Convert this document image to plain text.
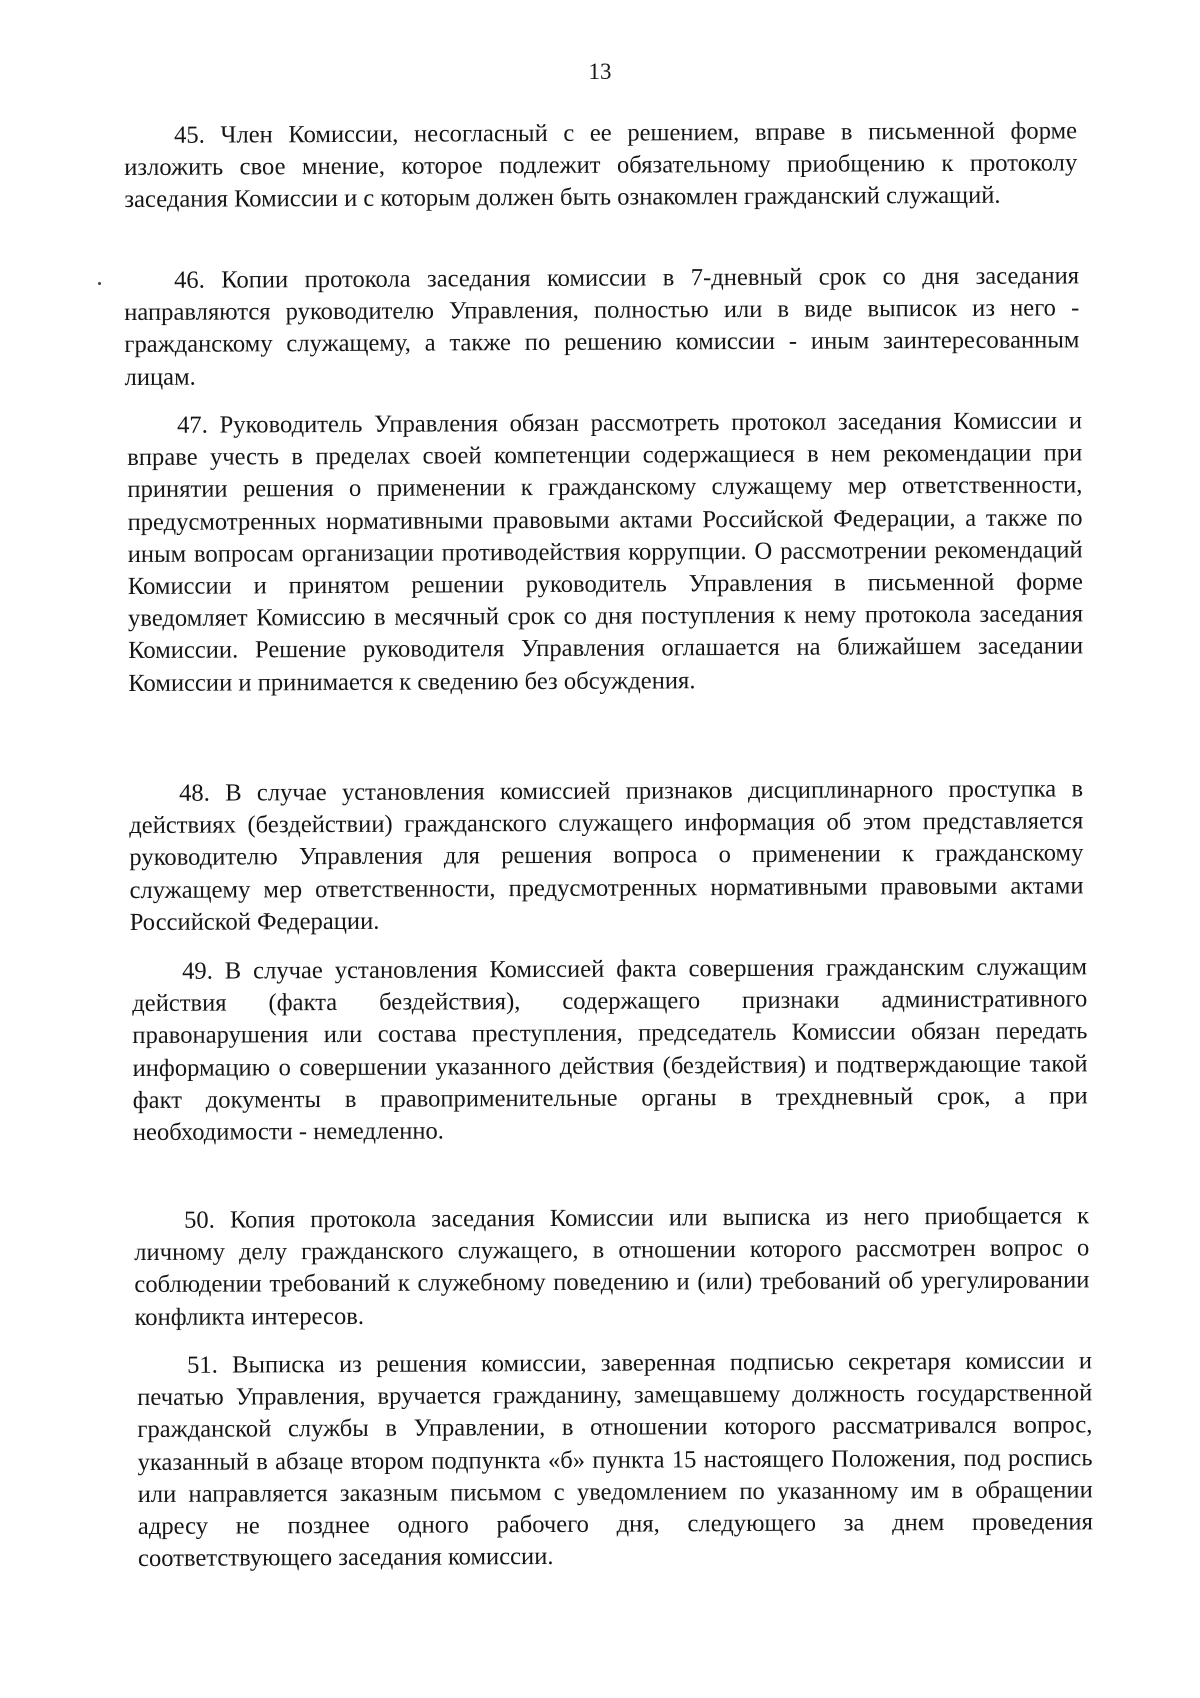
13

45. Член Комиссии, несогласный с ее решением, вправе в письменной форме изложить свое мнение, которое подлежит обязательному приобщению к протоколу заседания Комиссии и с которым должен быть ознакомлен гражданский служащий.

46. Копии протокола заседания комиссии в 7-дневный срок со дня заседания направляются руководителю Управления, полностью или в виде выписок из него - гражданскому служащему, а также по решению комиссии - иным заинтересованным лицам.

47. Руководитель Управления обязан рассмотреть протокол заседания Комиссии и вправе учесть в пределах своей компетенции содержащиеся в нем рекомендации при принятии решения о применении к гражданскому служащему мер ответственности, предусмотренных нормативными правовыми актами Российской Федерации, а также по иным вопросам организации противодействия коррупции. О рассмотрении рекомендаций Комиссии и принятом решении руководитель Управления в письменной форме уведомляет Комиссию в месячный срок со дня поступления к нему протокола заседания Комиссии. Решение руководителя Управления оглашается на ближайшем заседании Комиссии и принимается к сведению без обсуждения.

48. В случае установления комиссией признаков дисциплинарного проступка в действиях (бездействии) гражданского служащего информация об этом представляется руководителю Управления для решения вопроса о применении к гражданскому служащему мер ответственности, предусмотренных нормативными правовыми актами Российской Федерации.

49. В случае установления Комиссией факта совершения гражданским служащим действия (факта бездействия), содержащего признаки административного правонарушения или состава преступления, председатель Комиссии обязан передать информацию о совершении указанного действия (бездействия) и подтверждающие такой факт документы в правоприменительные органы в трехдневный срок, а при необходимости - немедленно.

50. Копия протокола заседания Комиссии или выписка из него приобщается к личному делу гражданского служащего, в отношении которого рассмотрен вопрос о соблюдении требований к служебному поведению и (или) требований об урегулировании конфликта интересов.

51. Выписка из решения комиссии, заверенная подписью секретаря комиссии и печатью Управления, вручается гражданину, замещавшему должность государственной гражданской службы в Управлении, в отношении которого рассматривался вопрос, указанный в абзаце втором подпункта «б» пункта 15 настоящего Положения, под роспись или направляется заказным письмом с уведомлением по указанному им в обращении адресу не позднее одного рабочего дня, следующего за днем проведения соответствующего заседания комиссии.
